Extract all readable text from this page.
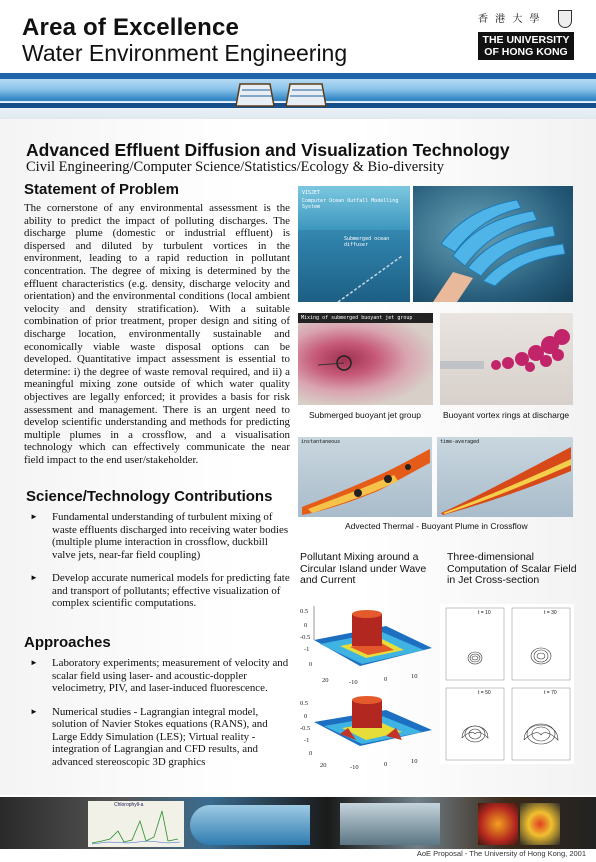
Area of Excellence
Water Environment Engineering
香 港 大 學
THE UNIVERSITY
OF HONG KONG
Advanced Effluent Diffusion and Visualization Technology
Civil Engineering/Computer Science/Statistics/Ecology & Bio-diversity
Statement of Problem
The cornerstone of any environmental assessment is the ability to predict the impact of polluting discharges. The discharge plume (domestic or industrial effluent) is dispersed and diluted by turbulent vortices in the environment, leading to a rapid reduction in pollutant concentration. The degree of mixing is determined by the effluent characteristics (e.g. density, discharge velocity and orientation) and the environmental conditions (local ambient velocity and density stratification). With a suitable combination of prior treatment, proper design and siting of discharge location, environmentally sustainable and economically viable waste disposal options can be developed. Quantitative impact assessment is essential to determine: i) the degree of waste removal required, and ii) a meaningful mixing zone outside of which water quality objectives are legally enforced; it provides a basis for risk assessment and management. There is an urgent need to develop scientific understanding and methods for predicting multiple plumes in a crossflow, and a visualisation technology which can effectively communicate the near field impact to the end user/stakeholder.
Science/Technology Contributions
► Fundamental understanding of turbulent mixing of waste effluents discharged into receiving water bodies (multiple plume interaction in crossflow, duckbill valve jets, near-far field coupling)
► Develop accurate numerical models for predicting fate and transport of pollutants; effective visualization of complex scientific computations.
Approaches
► Laboratory experiments; measurement of velocity and scalar field using laser- and acoustic-doppler velocimetry, PIV, and laser-induced fluorescence.
► Numerical studies - Lagrangian integral model, solution of Navier Stokes equations (RANS), and Large Eddy Simulation (LES); Virtual reality - integration of Lagrangian and CFD results, and advanced stereoscopic 3D graphics
VISJET
Computer Ocean Outfall Modelling System
Submerged ocean diffuser
Mixing of submerged buoyant jet group
Submerged buoyant jet group	Buoyant vortex rings at discharge
instantaneous	time-averaged
Advected Thermal - Buoyant Plume in Crossflow
Pollutant Mixing around a Circular Island under Wave and Current
Three-dimensional Computation of Scalar Field in Jet Cross-section
0.5
0
-0.5
-1
0
20	-10	0	10
0.5
0
-0.5
-1
0
20	-10	0	10
t = 10	t = 30
t = 50	t = 70
Chlorophyll-a
AoE Proposal - The University of Hong Kong, 2001
